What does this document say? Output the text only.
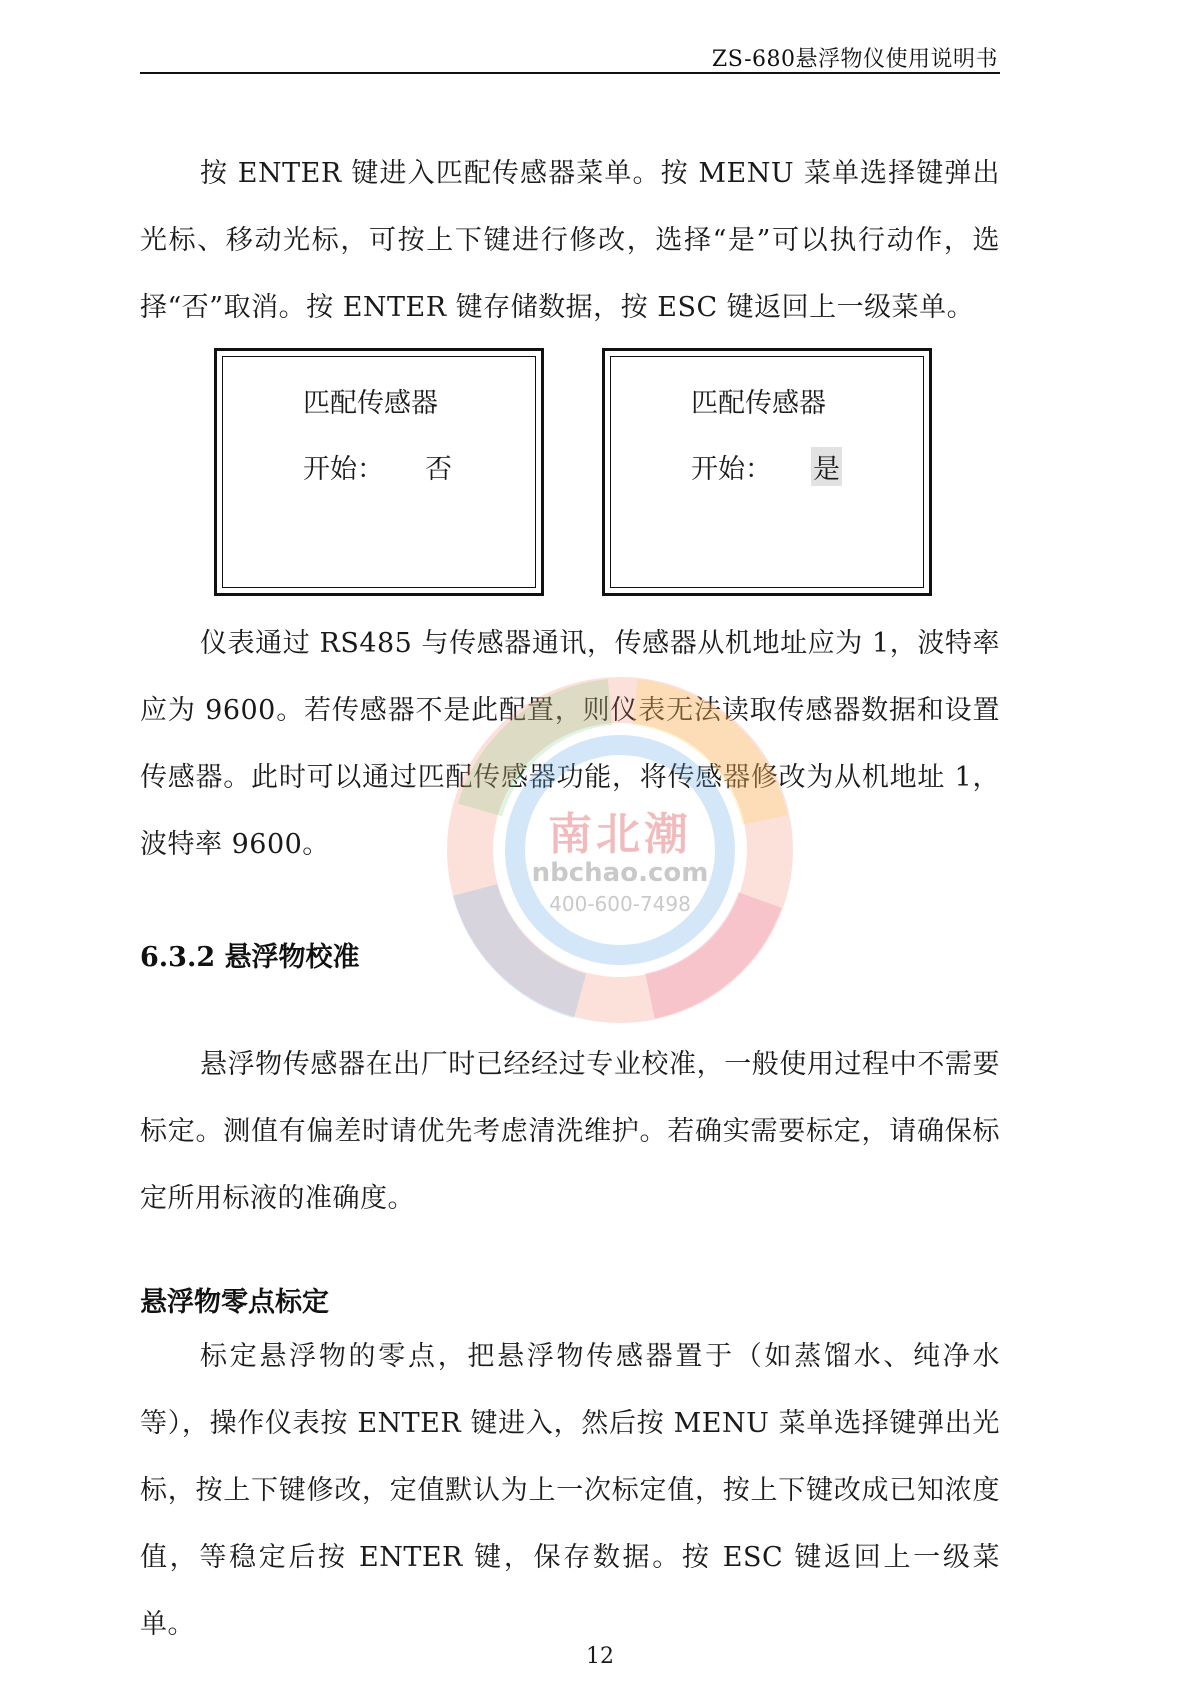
ZS-680悬浮物仪使用说明书

按 ENTER 键进入匹配传感器菜单。按 MENU 菜单选择键弹出光标、移动光标，可按上下键进行修改，选择“是”可以执行动作，选择“否”取消。按 ENTER 键存储数据，按 ESC 键返回上一级菜单。

匹配传感器
开始： 否
匹配传感器
开始： 是

仪表通过 RS485 与传感器通讯，传感器从机地址应为 1，波特率应为 9600。若传感器不是此配置，则仪表无法读取传感器数据和设置传感器。此时可以通过匹配传感器功能，将传感器修改为从机地址 1，波特率 9600。	南北潮
nbchao.com
400-600-7498
6.3.2 悬浮物校准

悬浮物传感器在出厂时已经经过专业校准，一般使用过程中不需要标定。测值有偏差时请优先考虑清洗维护。若确实需要标定，请确保标定所用标液的准确度。

悬浮物零点标定

标定悬浮物的零点，把悬浮物传感器置于（如蒸馏水、纯净水等），操作仪表按 ENTER 键进入，然后按 MENU 菜单选择键弹出光标，按上下键修改，定值默认为上一次标定值，按上下键改成已知浓度值，等稳定后按 ENTER 键，保存数据。按 ESC 键返回上一级菜单。

12
